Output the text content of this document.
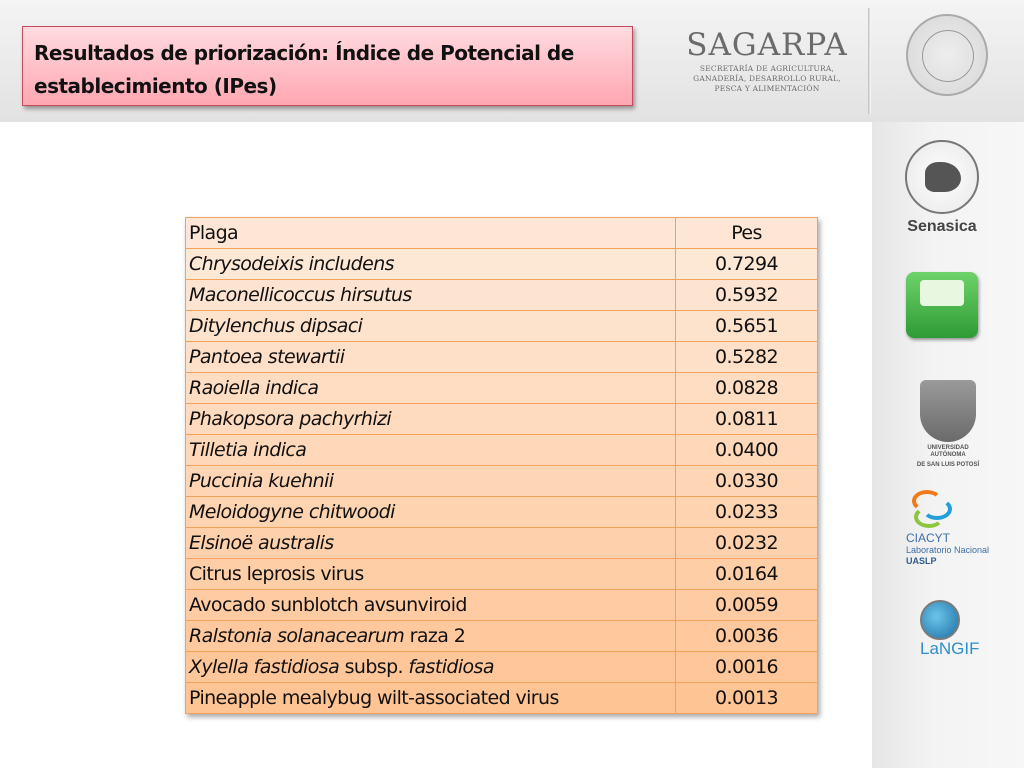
Resultados de priorización: Índice de Potencial de
establecimiento (IPes)
SAGARPA
SECRETARÍA DE AGRICULTURA,
GANADERÍA, DESARROLLO RURAL,
PESCA Y ALIMENTACIÓN
Senasica
UNIVERSIDAD AUTÓNOMA
DE SAN LUIS POTOSÍ
CIACYT
Laboratorio Nacional
UASLP
LaNGIF
Plaga	Pes
Chrysodeixis includens	0.7294
Maconellicoccus hirsutus	0.5932
Ditylenchus dipsaci	0.5651
Pantoea stewartii	0.5282
Raoiella indica	0.0828
Phakopsora pachyrhizi	0.0811
Tilletia indica	0.0400
Puccinia kuehnii	0.0330
Meloidogyne chitwoodi	0.0233
Elsinoë australis	0.0232
Citrus leprosis virus	0.0164
Avocado sunblotch avsunviroid	0.0059
Ralstonia solanacearum raza 2	0.0036
Xylella fastidiosa subsp. fastidiosa	0.0016
Pineapple mealybug wilt-associated virus	0.0013
